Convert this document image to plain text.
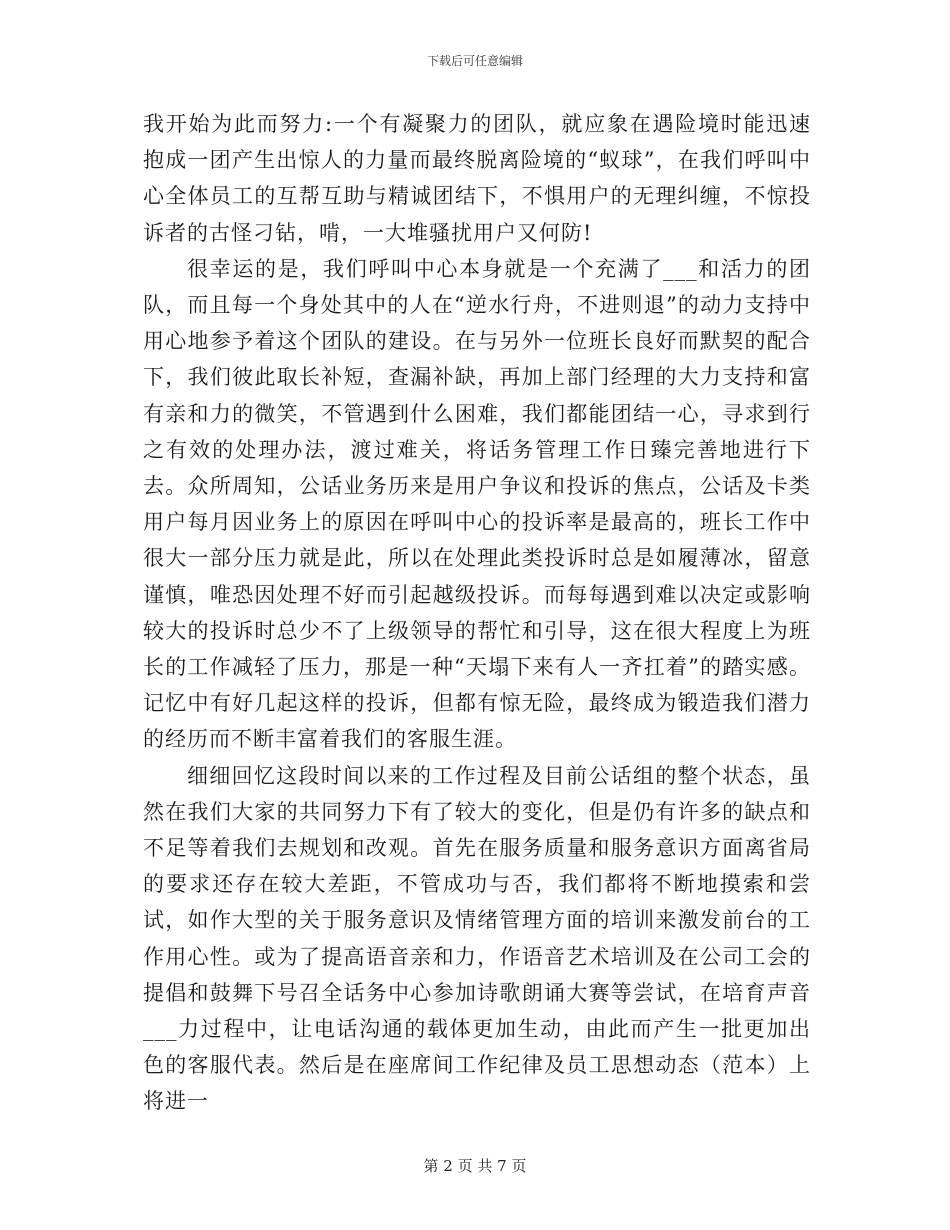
下载后可任意编辑

我开始为此而努力:一个有凝聚力的团队，就应象在遇险境时能迅速抱成一团产生出惊人的力量而最终脱离险境的“蚁球”，在我们呼叫中心全体员工的互帮互助与精诚团结下，不惧用户的无理纠缠，不惊投诉者的古怪刁钻，啃，一大堆骚扰用户又何防!

很幸运的是，我们呼叫中心本身就是一个充满了___和活力的团队，而且每一个身处其中的人在“逆水行舟，不进则退”的动力支持中用心地参予着这个团队的建设。在与另外一位班长良好而默契的配合下，我们彼此取长补短，查漏补缺，再加上部门经理的大力支持和富有亲和力的微笑，不管遇到什么困难，我们都能团结一心，寻求到行之有效的处理办法，渡过难关，将话务管理工作日臻完善地进行下去。众所周知，公话业务历来是用户争议和投诉的焦点，公话及卡类用户每月因业务上的原因在呼叫中心的投诉率是最高的，班长工作中很大一部分压力就是此，所以在处理此类投诉时总是如履薄冰，留意谨慎，唯恐因处理不好而引起越级投诉。而每每遇到难以决定或影响较大的投诉时总少不了上级领导的帮忙和引导，这在很大程度上为班长的工作减轻了压力，那是一种“天塌下来有人一齐扛着”的踏实感。记忆中有好几起这样的投诉，但都有惊无险，最终成为锻造我们潜力的经历而不断丰富着我们的客服生涯。

细细回忆这段时间以来的工作过程及目前公话组的整个状态，虽然在我们大家的共同努力下有了较大的变化，但是仍有许多的缺点和不足等着我们去规划和改观。首先在服务质量和服务意识方面离省局的要求还存在较大差距，不管成功与否，我们都将不断地摸索和尝试，如作大型的关于服务意识及情绪管理方面的培训来激发前台的工作用心性。或为了提高语音亲和力，作语音艺术培训及在公司工会的提倡和鼓舞下号召全话务中心参加诗歌朗诵大赛等尝试，在培育声音___力过程中，让电话沟通的载体更加生动，由此而产生一批更加出色的客服代表。然后是在座席间工作纪律及员工思想动态（范本）上将进一

第 2 页 共 7 页
